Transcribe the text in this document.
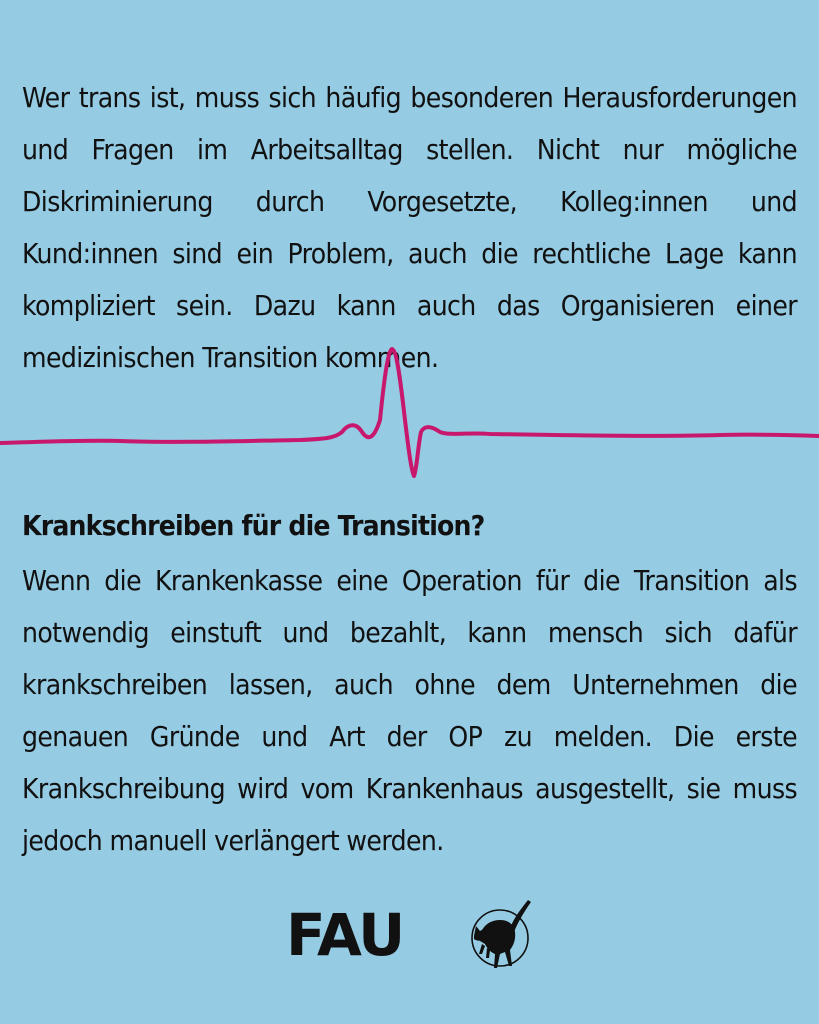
Wer trans ist, muss sich häufig besonderen Herausforderungen und Fragen im Arbeitsalltag stellen. Nicht nur mögliche Diskriminierung durch Vorgesetzte, Kolleg:innen und Kund:innen sind ein Problem, auch die rechtliche Lage kann kompliziert sein. Dazu kann auch das Organisieren einer medizinischen Transition kommen.

Krankschreiben für die Transition?

Wenn die Krankenkasse eine Operation für die Transition als notwendig einstuft und bezahlt, kann mensch sich dafür krankschreiben lassen, auch ohne dem Unternehmen die genauen Gründe und Art der OP zu melden. Die erste Krankschreibung wird vom Krankenhaus ausgestellt, sie muss jedoch manuell verlängert werden.

FAU
